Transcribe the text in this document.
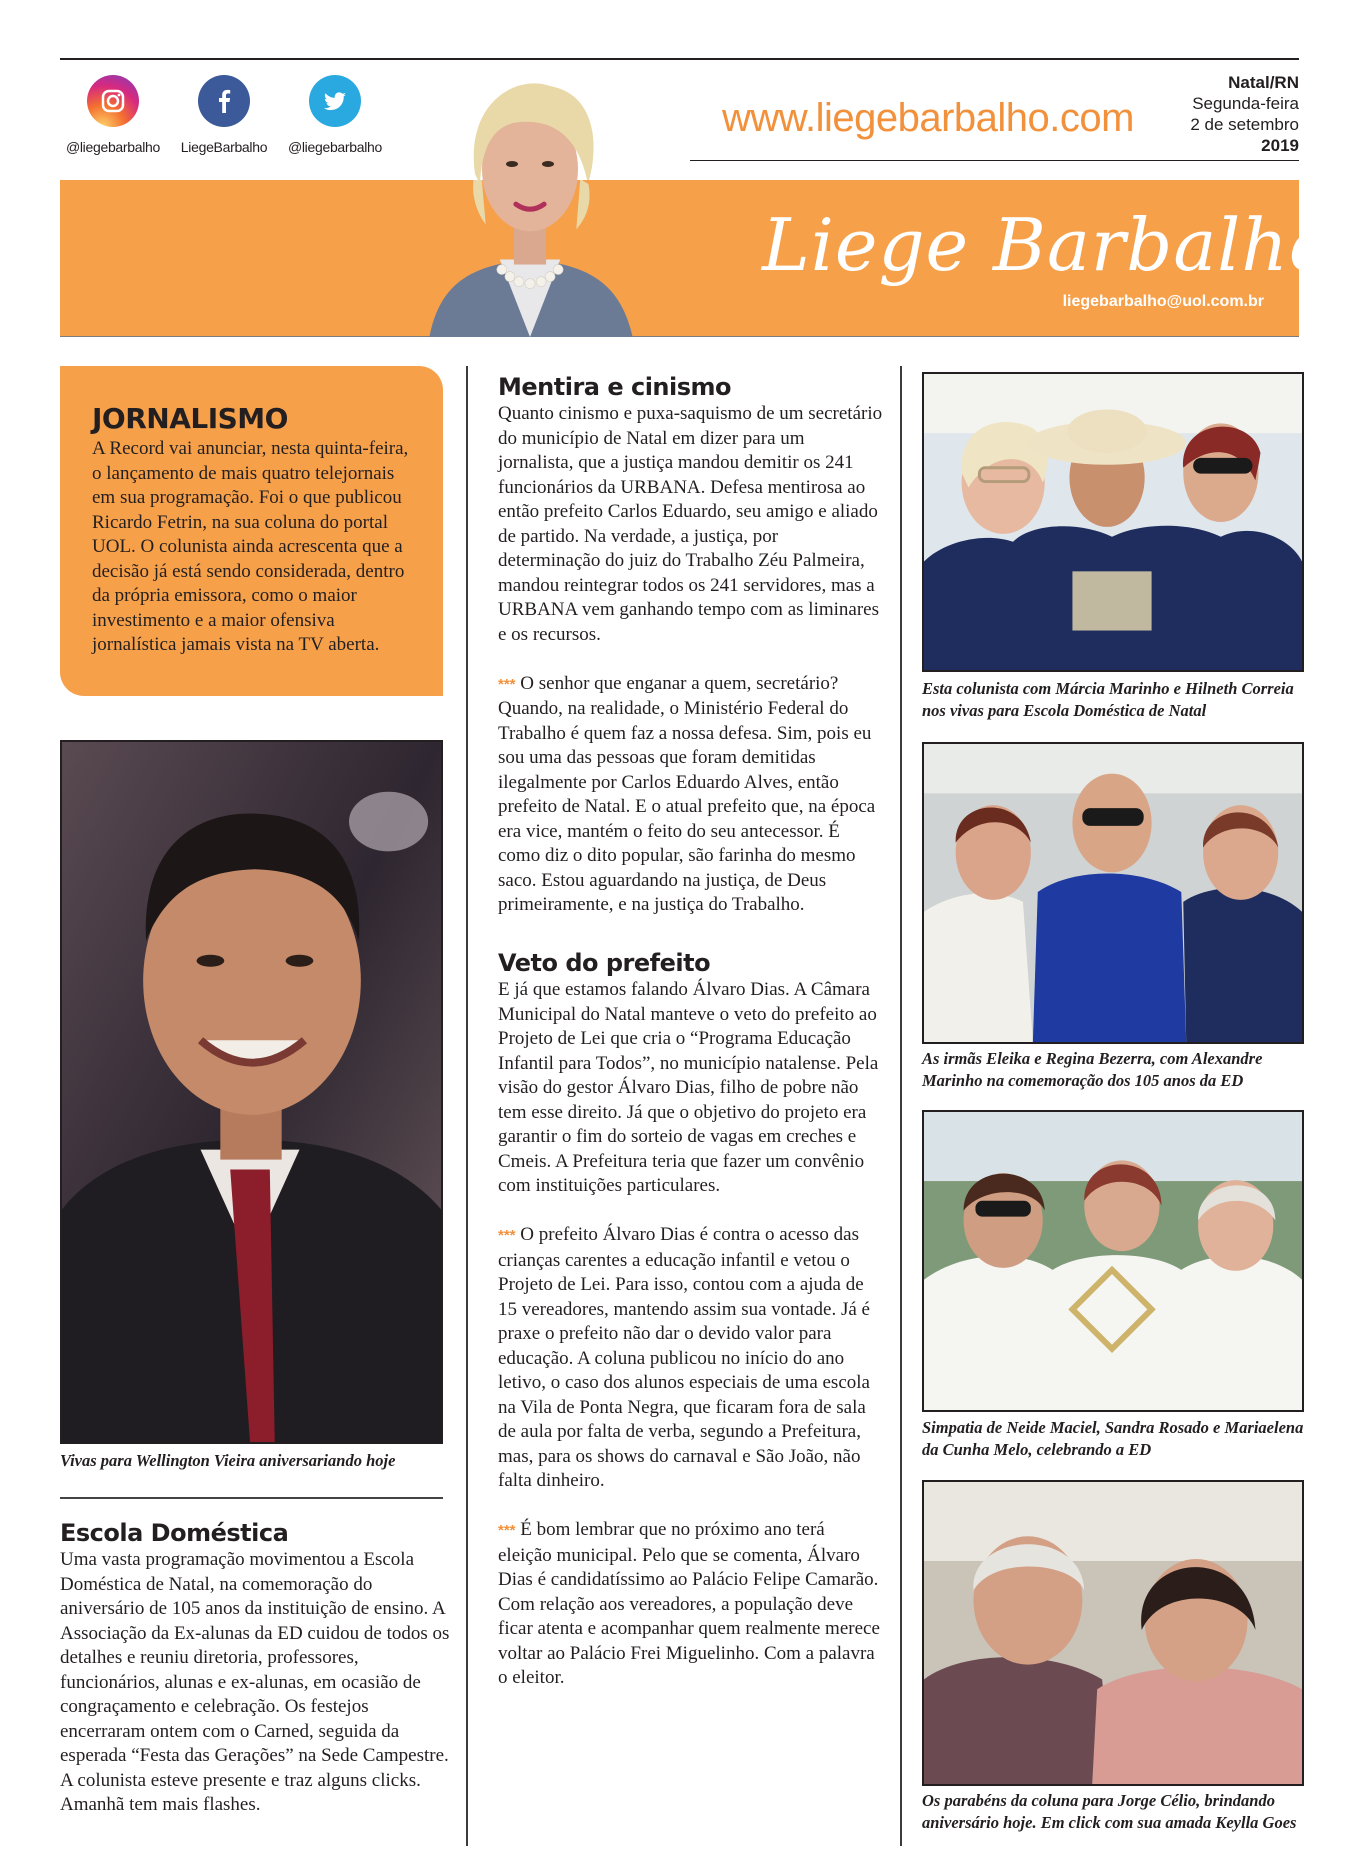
@liegebarbalho	LiegeBarbalho	@liegebarbalho
www.liegebarbalho.com
Natal/RN
Segunda-feira
2 de setembro
2019
Liege Barbalho
liegebarbalho@uol.com.br
JORNALISMO

A Record vai anunciar, nesta quinta-feira, o lançamento de mais quatro telejornais em sua programação. Foi o que publicou Ricardo Fetrin, na sua coluna do portal UOL. O colunista ainda acrescenta que a decisão já está sendo considerada, dentro da própria emissora, como o maior investimento e a maior ofensiva jornalística jamais vista na TV aberta.

Vivas para Wellington Vieira aniversariando hoje
Escola Doméstica

Uma vasta programação movimentou a Escola Doméstica de Natal, na comemoração do aniversário de 105 anos da instituição de ensino. A Associação da Ex-alunas da ED cuidou de todos os detalhes e reuniu diretoria, professores, funcionários, alunas e ex-alunas, em ocasião de congraçamento e celebração. Os festejos encerraram ontem com o Carned, seguida da esperada “Festa das Gerações” na Sede Campestre. A colunista esteve presente e traz alguns clicks. Amanhã tem mais flashes.

Mentira e cinismo

Quanto cinismo e puxa-saquismo de um secretário do município de Natal em dizer para um jornalista, que a justiça mandou demitir os 241 funcionários da URBANA. Defesa mentirosa ao então prefeito Carlos Eduardo, seu amigo e aliado de partido. Na verdade, a justiça, por determinação do juiz do Trabalho Zéu Palmeira, mandou reintegrar todos os 241 servidores, mas a URBANA vem ganhando tempo com as liminares e os recursos.

*** O senhor que enganar a quem, secretário? Quando, na realidade, o Ministério Federal do Trabalho é quem faz a nossa defesa. Sim, pois eu sou uma das pessoas que foram demitidas ilegalmente por Carlos Eduardo Alves, então prefeito de Natal. E o atual prefeito que, na época era vice, mantém o feito do seu antecessor. É como diz o dito popular, são farinha do mesmo saco. Estou aguardando na justiça, de Deus primeiramente, e na justiça do Trabalho.

Veto do prefeito

E já que estamos falando Álvaro Dias. A Câmara Municipal do Natal manteve o veto do prefeito ao Projeto de Lei que cria o “Programa Educação Infantil para Todos”, no município natalense. Pela visão do gestor Álvaro Dias, filho de pobre não tem esse direito. Já que o objetivo do projeto era garantir o fim do sorteio de vagas em creches e Cmeis. A Prefeitura teria que fazer um convênio com instituições particulares.

*** O prefeito Álvaro Dias é contra o acesso das crianças carentes a educação infantil e vetou o Projeto de Lei. Para isso, contou com a ajuda de 15 vereadores, mantendo assim sua vontade. Já é praxe o prefeito não dar o devido valor para educação. A coluna publicou no início do ano letivo, o caso dos alunos especiais de uma escola na Vila de Ponta Negra, que ficaram fora de sala de aula por falta de verba, segundo a Prefeitura, mas, para os shows do carnaval e São João, não falta dinheiro.

*** É bom lembrar que no próximo ano terá eleição municipal. Pelo que se comenta, Álvaro Dias é candidatíssimo ao Palácio Felipe Camarão. Com relação aos vereadores, a população deve ficar atenta e acompanhar quem realmente merece voltar ao Palácio Frei Miguelinho. Com a palavra o eleitor.

Esta colunista com Márcia Marinho e Hilneth Correia nos vivas para Escola Doméstica de Natal
As irmãs Eleika e Regina Bezerra, com Alexandre Marinho na comemoração dos 105 anos da ED
Simpatia de Neide Maciel, Sandra Rosado e Mariaelena da Cunha Melo, celebrando a ED
Os parabéns da coluna para Jorge Célio, brindando aniversário hoje. Em click com sua amada Keylla Goes
